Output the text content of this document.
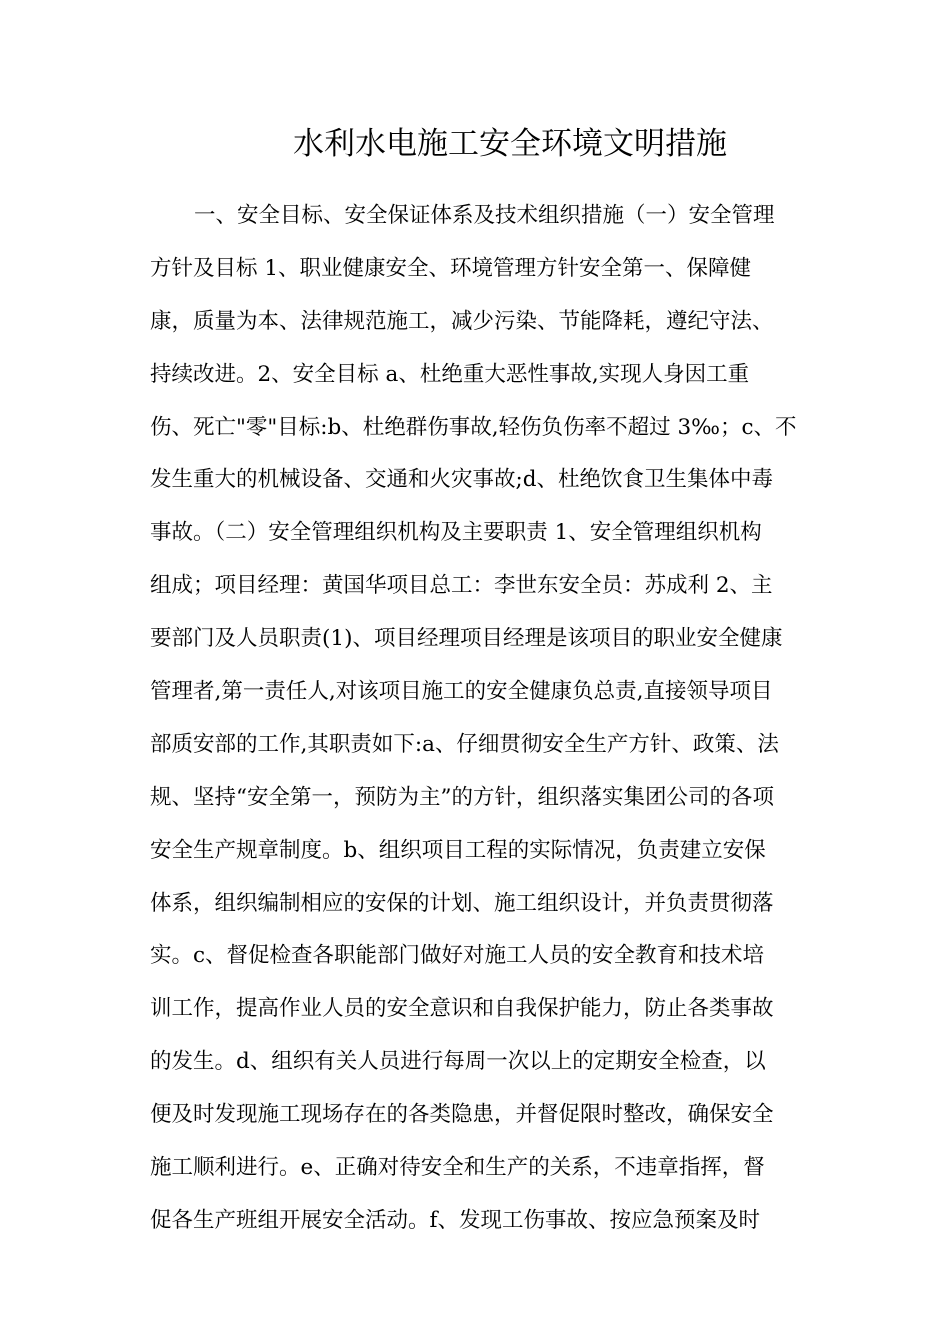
水利水电施工安全环境文明措施
一、安全目标、安全保证体系及技术组织措施（一）安全管理
方针及目标 1、职业健康安全、环境管理方针安全第一、保障健
康，质量为本、法律规范施工，减少污染、节能降耗，遵纪守法、
持续改进。2、安全目标 a、杜绝重大恶性事故,实现人身因工重
伤、死亡"零"目标:b、杜绝群伤事故,轻伤负伤率不超过 3‰；c、不
发生重大的机械设备、交通和火灾事故;d、杜绝饮食卫生集体中毒
事故。（二）安全管理组织机构及主要职责 1、安全管理组织机构
组成；项目经理：黄国华项目总工：李世东安全员：苏成利 2、主
要部门及人员职责(1)、项目经理项目经理是该项目的职业安全健康
管理者,第一责任人,对该项目施工的安全健康负总责,直接领导项目
部质安部的工作,其职责如下:a、仔细贯彻安全生产方针、政策、法
规、坚持“安全第一，预防为主”的方针，组织落实集团公司的各项
安全生产规章制度。b、组织项目工程的实际情况，负责建立安保
体系，组织编制相应的安保的计划、施工组织设计，并负责贯彻落
实。c、督促检查各职能部门做好对施工人员的安全教育和技术培
训工作，提高作业人员的安全意识和自我保护能力，防止各类事故
的发生。d、组织有关人员进行每周一次以上的定期安全检查，以
便及时发现施工现场存在的各类隐患，并督促限时整改，确保安全
施工顺利进行。e、正确对待安全和生产的关系，不违章指挥，督
促各生产班组开展安全活动。f、发现工伤事故、按应急预案及时
